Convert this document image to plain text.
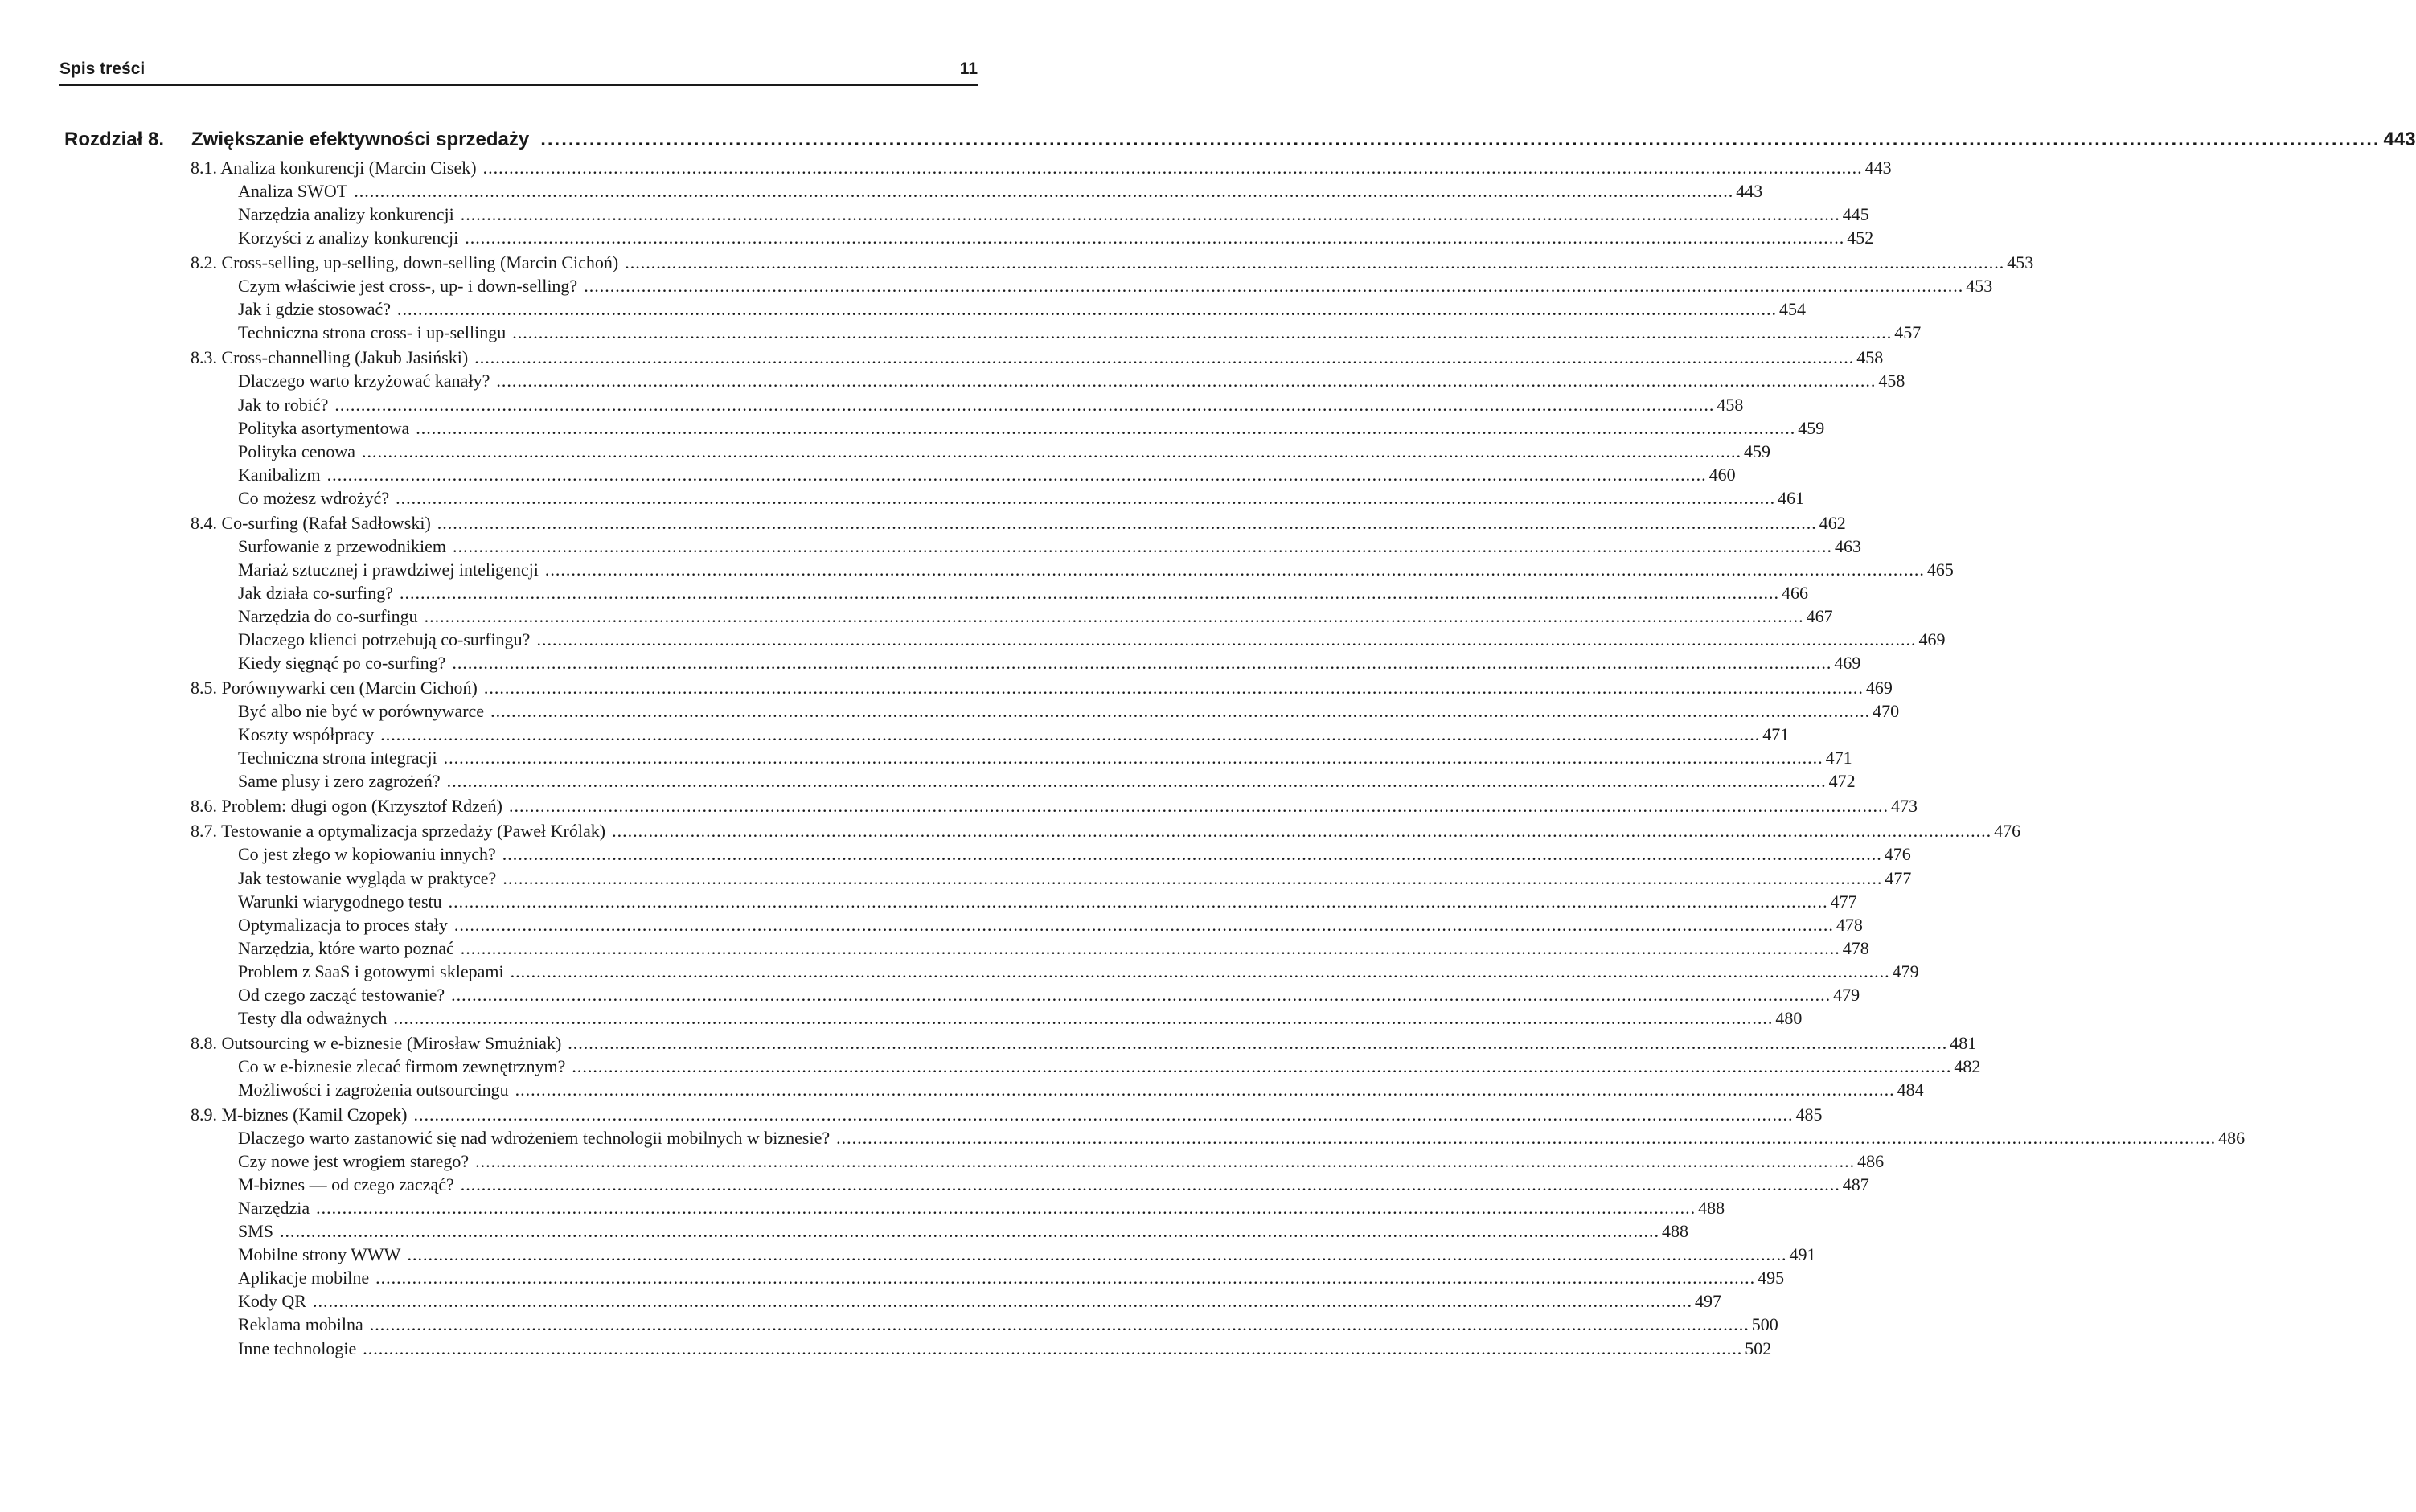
Spis treści	11
Rozdział 8. Zwiększanie efektywności sprzedaży ........................................................................................................................................................................................................................................................................ 443
8.1. Analiza konkurencji (Marcin Cisek) ........................................................................................................................................................................................................................................................................ 443
Analiza SWOT ........................................................................................................................................................................................................................................................................ 443
Narzędzia analizy konkurencji ........................................................................................................................................................................................................................................................................ 445
Korzyści z analizy konkurencji ........................................................................................................................................................................................................................................................................ 452
8.2. Cross-selling, up-selling, down-selling (Marcin Cichoń) ........................................................................................................................................................................................................................................................................ 453
Czym właściwie jest cross-, up- i down-selling? ........................................................................................................................................................................................................................................................................ 453
Jak i gdzie stosować? ........................................................................................................................................................................................................................................................................ 454
Techniczna strona cross- i up-sellingu ........................................................................................................................................................................................................................................................................ 457
8.3. Cross-channelling (Jakub Jasiński) ........................................................................................................................................................................................................................................................................ 458
Dlaczego warto krzyżować kanały? ........................................................................................................................................................................................................................................................................ 458
Jak to robić? ........................................................................................................................................................................................................................................................................ 458
Polityka asortymentowa ........................................................................................................................................................................................................................................................................ 459
Polityka cenowa ........................................................................................................................................................................................................................................................................ 459
Kanibalizm ........................................................................................................................................................................................................................................................................ 460
Co możesz wdrożyć? ........................................................................................................................................................................................................................................................................ 461
8.4. Co-surfing (Rafał Sadłowski) ........................................................................................................................................................................................................................................................................ 462
Surfowanie z przewodnikiem ........................................................................................................................................................................................................................................................................ 463
Mariaż sztucznej i prawdziwej inteligencji ........................................................................................................................................................................................................................................................................ 465
Jak działa co-surfing? ........................................................................................................................................................................................................................................................................ 466
Narzędzia do co-surfingu ........................................................................................................................................................................................................................................................................ 467
Dlaczego klienci potrzebują co-surfingu? ........................................................................................................................................................................................................................................................................ 469
Kiedy sięgnąć po co-surfing? ........................................................................................................................................................................................................................................................................ 469
8.5. Porównywarki cen (Marcin Cichoń) ........................................................................................................................................................................................................................................................................ 469
Być albo nie być w porównywarce ........................................................................................................................................................................................................................................................................ 470
Koszty współpracy ........................................................................................................................................................................................................................................................................ 471
Techniczna strona integracji ........................................................................................................................................................................................................................................................................ 471
Same plusy i zero zagrożeń? ........................................................................................................................................................................................................................................................................ 472
8.6. Problem: długi ogon (Krzysztof Rdzeń) ........................................................................................................................................................................................................................................................................ 473
8.7. Testowanie a optymalizacja sprzedaży (Paweł Królak) ........................................................................................................................................................................................................................................................................ 476
Co jest złego w kopiowaniu innych? ........................................................................................................................................................................................................................................................................ 476
Jak testowanie wygląda w praktyce? ........................................................................................................................................................................................................................................................................ 477
Warunki wiarygodnego testu ........................................................................................................................................................................................................................................................................ 477
Optymalizacja to proces stały ........................................................................................................................................................................................................................................................................ 478
Narzędzia, które warto poznać ........................................................................................................................................................................................................................................................................ 478
Problem z SaaS i gotowymi sklepami ........................................................................................................................................................................................................................................................................ 479
Od czego zacząć testowanie? ........................................................................................................................................................................................................................................................................ 479
Testy dla odważnych ........................................................................................................................................................................................................................................................................ 480
8.8. Outsourcing w e-biznesie (Mirosław Smużniak) ........................................................................................................................................................................................................................................................................ 481
Co w e-biznesie zlecać firmom zewnętrznym? ........................................................................................................................................................................................................................................................................ 482
Możliwości i zagrożenia outsourcingu ........................................................................................................................................................................................................................................................................ 484
8.9. M-biznes (Kamil Czopek) ........................................................................................................................................................................................................................................................................ 485
Dlaczego warto zastanowić się nad wdrożeniem technologii mobilnych w biznesie? ........................................................................................................................................................................................................................................................................ 486
Czy nowe jest wrogiem starego? ........................................................................................................................................................................................................................................................................ 486
M-biznes — od czego zacząć? ........................................................................................................................................................................................................................................................................ 487
Narzędzia ........................................................................................................................................................................................................................................................................ 488
SMS ........................................................................................................................................................................................................................................................................ 488
Mobilne strony WWW ........................................................................................................................................................................................................................................................................ 491
Aplikacje mobilne ........................................................................................................................................................................................................................................................................ 495
Kody QR ........................................................................................................................................................................................................................................................................ 497
Reklama mobilna ........................................................................................................................................................................................................................................................................ 500
Inne technologie ........................................................................................................................................................................................................................................................................ 502
